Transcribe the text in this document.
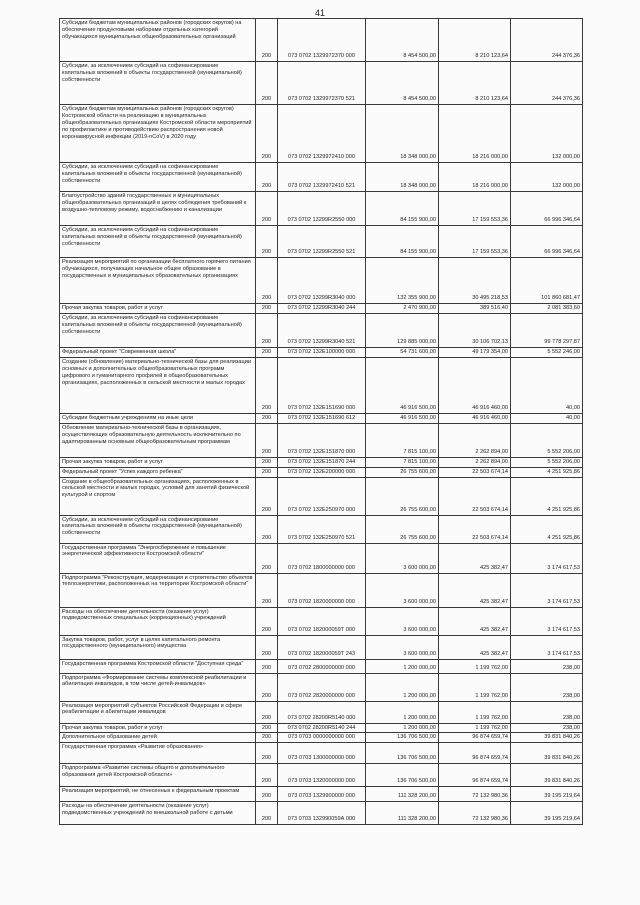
41
Субсидии бюджетам муниципальных районов (городских округов) на обеспечение продуктовыми наборами отдельных категорий обучающихся муниципальных общеобразовательных организаций	200	073 0702 1329972370 000	8 454 500,00	8 210 123,64	244 376,36

Субсидии, за исключением субсидий на софинансирование капитальных вложений в объекты государственной (муниципальной) собственности	200	073 0702 1329972370 521	8 454 500,00	8 210 123,64	244 376,36

Субсидии бюджетам муниципальных районов (городских округов) Костромской области на реализацию в муниципальных общеобразовательных организациях Костромской области мероприятий по профилактике и противодействию распространения новой коронавирусной инфекции (2019-nCoV) в 2020 году	200	073 0702 1329972410 000	18 348 000,00	18 216 000,00	132 000,00

Субсидии, за исключением субсидий на софинансирование капитальных вложений в объекты государственной (муниципальной) собственности	200	073 0702 1329972410 521	18 348 000,00	18 216 000,00	132 000,00

Благоустройство зданий государственных и муниципальных общеобразовательных организаций в целях соблюдения требований к воздушно-тепловому режиму, водоснабжению и канализации	200	073 0702 13299R2550 000	84 155 900,00	17 159 553,36	66 996 346,64

Субсидии, за исключением субсидий на софинансирование капитальных вложений в объекты государственной (муниципальной) собственности	200	073 0702 13299R2550 521	84 155 900,00	17 159 553,36	66 996 346,64

Реализация мероприятий по организации бесплатного горячего питания обучающихся, получающих начальное общее образование в государственных и муниципальных образовательных организациях	200	073 0702 13299R3040 000	132 355 900,00	30 495 218,53	101 860 681,47

Прочая закупка товаров, работ и услуг	200	073 0702 13299R3040 244	2 470 900,00	389 516,40	2 081 383,60

Субсидии, за исключением субсидий на софинансирование капитальных вложений в объекты государственной (муниципальной) собственности	200	073 0702 13299R3040 521	129 885 000,00	30 106 702,13	99 778 297,87

Федеральный проект "Современная школа"	200	073 0702 132E100000 000	54 731 600,00	49 179 354,00	5 552 246,00

Создание (обновление) материально-технической базы для реализации основных и дополнительных общеобразовательных программ цифрового и гуманитарного профилей в общеобразовательных организациях, расположенных в сельской местности и малых городах	200	073 0702 132E151690 000	46 916 500,00	46 916 460,00	40,00

Субсидии бюджетным учреждениям на иные цели	200	073 0702 132E151690 612	46 916 500,00	46 916 460,00	40,00

Обновление материально-технической базы в организациях, осуществляющих образовательную деятельность исключительно по адаптированным основным общеобразовательным программам	200	073 0702 132E151870 000	7 815 100,00	2 262 894,00	5 552 206,00

Прочая закупка товаров, работ и услуг	200	073 0702 132E151870 244	7 815 100,00	2 262 894,00	5 552 206,00

Федеральный проект "Успех каждого ребенка"	200	073 0702 132E200000 000	26 755 600,00	22 503 674,14	4 251 925,86

Создание в общеобразовательных организациях, расположенных в сельской местности и малых городах, условий для занятий физической культурой и спортом	200	073 0702 132E250970 000	26 755 600,00	22 503 674,14	4 251 925,86

Субсидии, за исключением субсидий на софинансирование капитальных вложений в объекты государственной (муниципальной) собственности	200	073 0702 132E250970 521	26 755 600,00	22 503 674,14	4 251 925,86

Государственная программа "Энергосбережение и повышение энергетической эффективности Костромской области"	200	073 0702 1800000000 000	3 600 000,00	425 382,47	3 174 617,53

Подпрограмма "Реконструкция, модернизация и строительство объектов теплоэнергетики, расположенных на территории Костромской области"	200	073 0702 1820000000 000	3 600 000,00	425 382,47	3 174 617,53

Расходы на обеспечение деятельности (оказание услуг) подведомственных специальных (коррекционных) учреждений	200	073 0702 182000059Т 000	3 600 000,00	425 382,47	3 174 617,53

Закупка товаров, работ, услуг в целях капитального ремонта государственного (муниципального) имущества	200	073 0702 182000059Т 243	3 600 000,00	425 382,47	3 174 617,53

Государственная программа Костромской области "Доступная среда"	200	073 0702 2800000000 000	1 200 000,00	1 199 762,00	238,00

Подпрограмма «Формирование системы комплексной реабилитации и абилитации инвалидов, в том числе детей-инвалидов»	200	073 0702 2820000000 000	1 200 000,00	1 199 762,00	238,00

Реализация мероприятий субъектов Российской Федерации в сфере реабилитации и абилитации инвалидов	200	073 0702 28200R5140 000	1 200 000,00	1 199 762,00	238,00

Прочая закупка товаров, работ и услуг	200	073 0702 28200R5140 244	1 200 000,00	1 199 762,00	238,00

Дополнительное образование детей	200	073 0703 0000000000 000	136 706 500,00	96 874 659,74	39 831 840,26

Государственная программа «Развитие образования»	200	073 0703 1300000000 000	136 706 500,00	96 874 659,74	39 831 840,26

Подпрограмма «Развитие системы общего и дополнительного образования детей Костромской области»	200	073 0703 1320000000 000	136 706 500,00	96 874 659,74	39 831 840,26

Реализация мероприятий, не отнесенных к федеральным проектам	200	073 0703 1329900000 000	111 328 200,00	72 132 980,36	39 195 219,64

Расходы на обеспечение деятельности (оказание услуг) подведомственных учреждений по внешкольной работе с детьми	200	073 0703 132990059А 000	111 328 200,00	72 132 980,36	39 195 219,64
